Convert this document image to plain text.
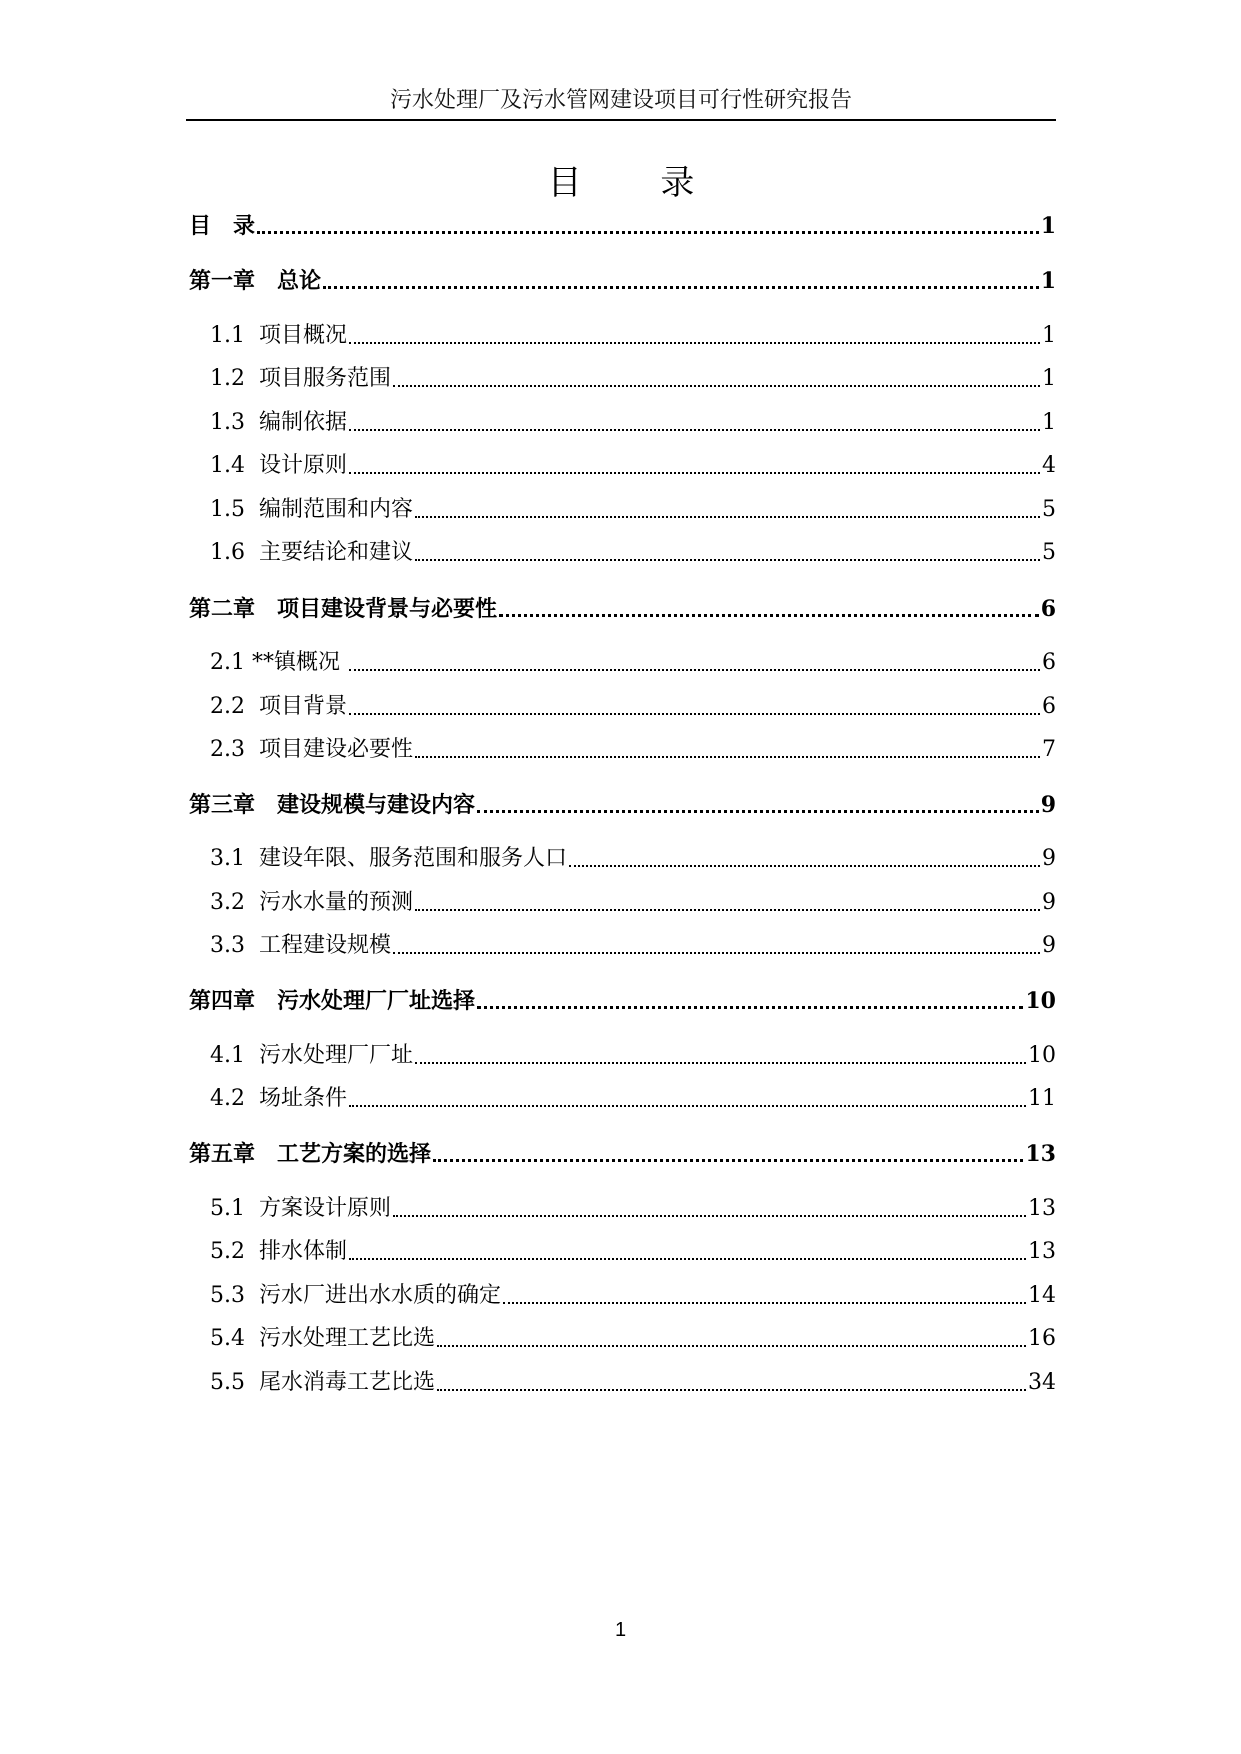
污水处理厂及污水管网建设项目可行性研究报告
目 录
目　录	1
第一章　总论	1
1.1  项目概况	1
1.2  项目服务范围	1
1.3  编制依据	1
1.4  设计原则	4
1.5  编制范围和内容	5
1.6  主要结论和建议	5
第二章　项目建设背景与必要性	6
2.1 **镇概况	6
2.2  项目背景	6
2.3  项目建设必要性	7
第三章　建设规模与建设内容	9
3.1  建设年限、服务范围和服务人口	9
3.2  污水水量的预测	9
3.3  工程建设规模	9
第四章　污水处理厂厂址选择	10
4.1  污水处理厂厂址	10
4.2  场址条件	11
第五章　工艺方案的选择	13
5.1  方案设计原则	13
5.2  排水体制	13
5.3  污水厂进出水水质的确定	14
5.4  污水处理工艺比选	16
5.5  尾水消毒工艺比选	34
1
